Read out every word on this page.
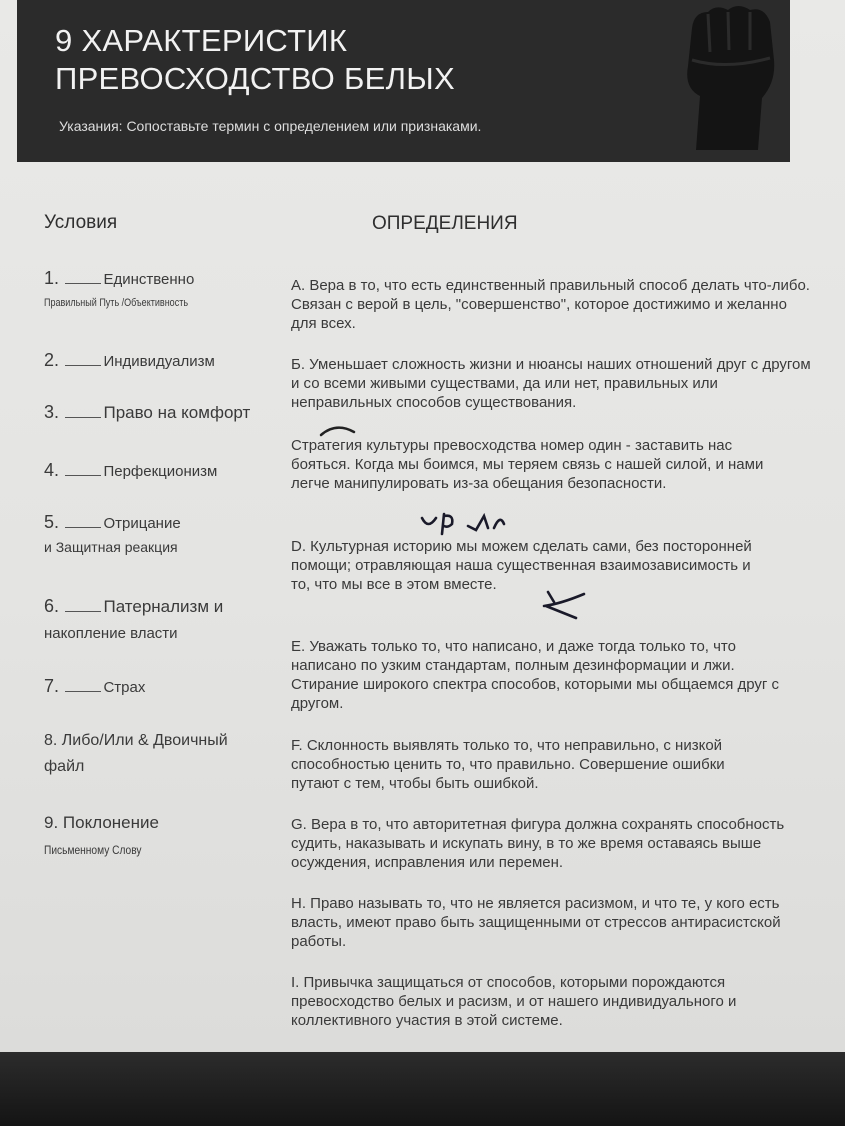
9 ХАРАКТЕРИСТИК
ПРЕВОСХОДСТВО БЕЛЫХ
Указания: Сопоставьте термин с определением или признаками.
Условия	ОПРЕДЕЛЕНИЯ
1.	Единственно
Правильный Путь /Объективность
2.	Индивидуализм
3.	Право на комфорт
4.	Перфекционизм
5.	Отрицание
и Защитная реакция
6.	Патернализм и
накопление власти
7.	Страх
8. Либо/Или & Двоичный
файл
9. Поклонение
Письменному Слову
А. Вера в то, что есть единственный правильный способ делать что-либо. Связан с верой в цель, "совершенство", которое достижимо и желанно для всех.
Б. Уменьшает сложность жизни и нюансы наших отношений друг с другом и со всеми живыми существами, да или нет, правильных или неправильных способов существования.
Стратегия культуры превосходства номер один - заставить нас бояться. Когда мы боимся, мы теряем связь с нашей силой, и нами легче манипулировать из-за обещания безопасности.
D. Культурная историю мы можем сделать сами, без посторонней помощи; отравляющая наша существенная взаимозависимость и то, что мы все в этом вместе.
Е. Уважать только то, что написано, и даже тогда только то, что написано по узким стандартам, полным дезинформации и лжи. Стирание широкого спектра способов, которыми мы общаемся друг с другом.
F. Склонность выявлять только то, что неправильно, с низкой способностью ценить то, что правильно. Совершение ошибки путают с тем, чтобы быть ошибкой.
G. Вера в то, что авторитетная фигура должна сохранять способность судить, наказывать и искупать вину, в то же время оставаясь выше осуждения, исправления или перемен.
H. Право называть то, что не является расизмом, и что те, у кого есть власть, имеют право быть защищенными от стрессов антирасистской работы.
I. Привычка защищаться от способов, которыми порождаются превосходство белых и расизм, и от нашего индивидуального и коллективного участия в этой системе.
